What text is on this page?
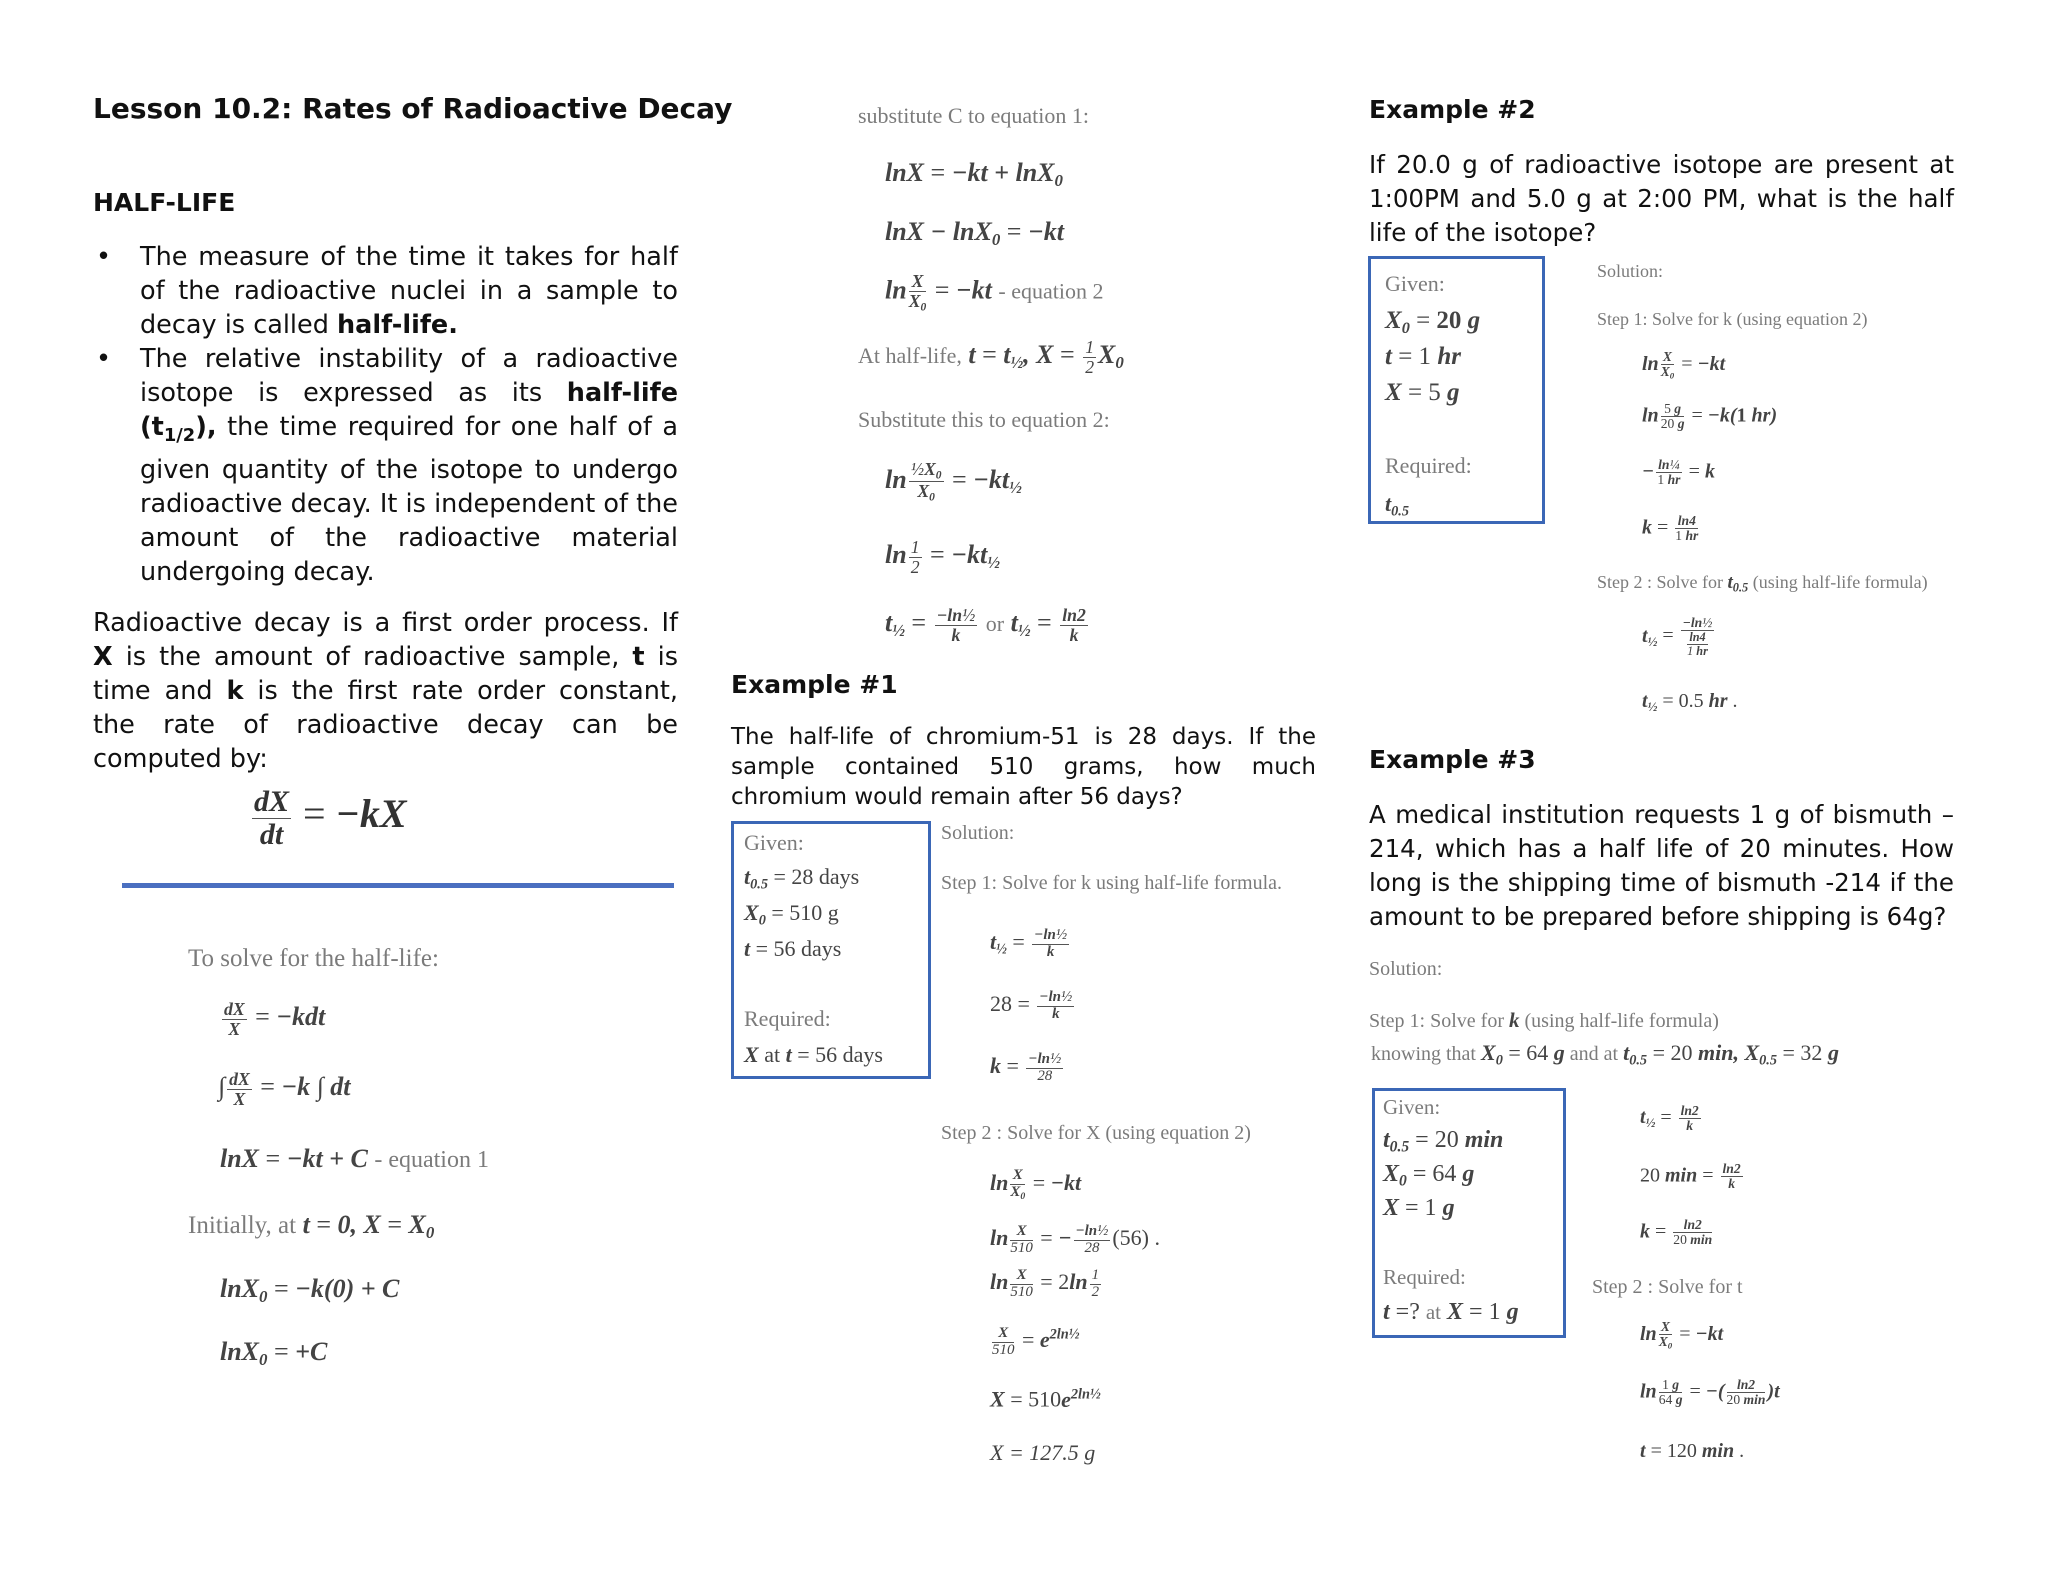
Lesson 10.2: Rates of Radioactive Decay
HALF-LIFE
• The measure of the time it takes for half of the radioactive nuclei in a sample to decay is called half-life.
• The relative instability of a radioactive isotope is expressed as its half-life $(t_{1/2})$, the time required for one half of a given quantity of the isotope to undergo radioactive decay. It is independent of the amount of the radioactive material undergoing decay.
Radioactive decay is a first order process. If X is the amount of radioactive sample, t is time and k is the first rate order constant, the rate of radioactive decay can be computed by:
$\frac{dX}{dt} = -kX$
To solve for the half-life:
$\frac{dX}{X} = -kdt$
∫ $\frac{dX}{X} = -k$ ∫ dt
lnX = −kt + C - equation 1
Initially, at t = 0, $X = X_0$
lnX$_0$ = −k(0) + C
lnX$_0$ = +C
substitute C to equation 1:
lnX = −kt + lnX$_0$
lnX − lnX$_0$ = −kt
$\ln \frac{X}{X_0} = -kt$ - equation 2
At half-life, $t = t_{\frac{1}{2}}$, $X = \frac{1}{2} X_0$
Substitute this to equation 2:
$\ln \frac{\frac{1}{2}X_0}{X_0} = -kt_{\frac{1}{2}}$
$\ln \frac{1}{2} = -kt_{\frac{1}{2}}$
$t_{\frac{1}{2}} = \frac{\text{−ln½}}{k}$ or $t_{\frac{1}{2}} = \frac{\ln 2}{k}$
Example #1
The half-life of chromium-51 is 28 days. If the sample contained 510 grams, how much chromium would remain after 56 days?
Given:
$t_{0.5} = 28$ days
$X_0 = 510$ g
t = 56 days
Required:
X at t = 56 days
Solution:
Step 1: Solve for k using half-life formula.
$t_{\frac{1}{2}} = \frac{\text{−ln½}}{k}$
$28 = \frac{\text{−ln½}}{k}$
$k = \frac{\text{−ln½}}{28}$
Step 2 : Solve for X (using equation 2)
$\ln \frac{X}{X_0} = -kt$
$\ln \frac{X}{510}$ = − $\frac{\text{−ln½}}{28} (56)$ .
$\ln \frac{X}{510} = 2\ln \frac{1}{2}$
$\frac{X}{510} = e^{2ln\frac{1}{2}}$
$X = 510e^{2ln\frac{1}{2}}$
X = 127.5 g
Example #2
If 20.0 g of radioactive isotope are present at 1:00PM and 5.0 g at 2:00 PM, what is the half life of the isotope?
Given:
$X_0 = 20$ g
t = 1 hr
X = 5 g
Required:
$t_{0.5}$
Solution:
Step 1: Solve for k (using equation 2)
$\ln \frac{X}{X_0} = -kt$
$\ln \frac{5 g}{20 g} = -k(1$ hr)
− $\frac{\text{ln¼}}{1 hr} = k$
$k = \frac{\ln 4}{1 hr}$
Step 2 : Solve for $t_{0.5}$ (using half-life formula)
$t_{\frac{1}{2}} = \frac{\text{−ln½}}{\frac{\ln 4}{1 hr}}$
$t_{\frac{1}{2}} = 0.5$ hr .
Example #3
A medical institution requests 1 g of bismuth – 214, which has a half life of 20 minutes. How long is the shipping time of bismuth -214 if the amount to be prepared before shipping is 64g?
Solution:
Step 1: Solve for k (using half-life formula)
knowing that $X_0 = 64$ g and at $t_{0.5} = 20$ min, $X_{0.5} = 32$ g
Given:
$t_{0.5} = 20$ min
$X_0 = 64$ g
X = 1 g
Required:
t =? at X = 1 g
$t_{\frac{1}{2}} = \frac{\ln 2}{k}$
20 $\min = \frac{\ln 2}{k}$
$k = \frac{\ln 2}{20 \min}$
Step 2 : Solve for t
$\ln \frac{X}{X_0} = -kt$
$\ln \frac{1 g}{64 g}$ = −( $\frac{\ln 2}{20 \min} )t$
t = 120 min .
